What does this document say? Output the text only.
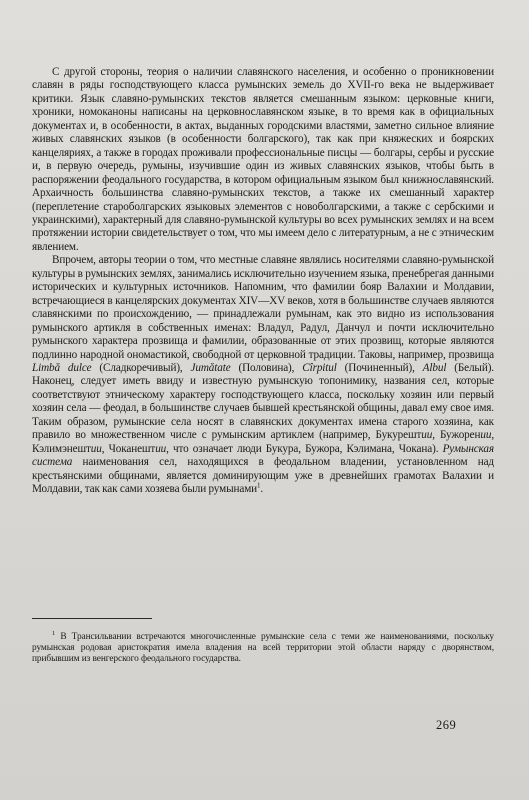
С другой стороны, теория о наличии славянского населения, и особенно о проникновении славян в ряды господствующего класса румынских земель до XVII-го века не выдерживает критики. Язык славяно-румынских текстов является смешанным языком: церковные книги, хроники, номоканоны написаны на церковнославянском языке, в то время как в официальных документах и, в особенности, в актах, выданных городскими властями, заметно сильное влияние живых славянских языков (в особенности болгарского), так как при княжеских и боярских канцеляриях, а также в городах проживали профессиональные писцы — болгары, сербы и русские и, в первую очередь, румыны, изучившие один из живых славянских языков, чтобы быть в распоряжении феодального государства, в котором официальным языком был книжнославянский. Архаичность большинства славяно-румынских текстов, а также их смешанный характер (переплетение староболгарских языковых элементов с новоболгарскими, а также с сербскими и украинскими), характерный для славяно-румынской культуры во всех румынских землях и на всем протяжении истории свидетельствует о том, что мы имеем дело с литературным, а не с этническим явлением.

Впрочем, авторы теории о том, что местные славяне являлись носителями славяно-румынской культуры в румынских землях, занимались исключительно изучением языка, пренебрегая данными исторических и культурных источников. Напомним, что фамилии бояр Валахии и Молдавии, встречающиеся в канцелярских документах XIV—XV веков, хотя в большинстве случаев являются славянскими по происхождению, — принадлежали румынам, как это видно из использования румынского артикля в собственных именах: Владул, Радул, Данчул и почти исключительно румынского характера прозвища и фамилии, образованные от этих прозвищ, которые являются подлинно народной ономастикой, свободной от церковной традиции. Таковы, например, прозвища Limbă dulce (Сладкоречивый), Jumătate (Половина), Cîrpitul (Починенный), Albul (Белый). Наконец, следует иметь ввиду и известную румынскую топонимику, названия сел, которые соответствуют этническому характеру господствующего класса, поскольку хозяин или первый хозяин села — феодал, в большинстве случаев бывшей крестьянской общины, давал ему свое имя. Таким образом, румынские села носят в славянских документах имена старого хозяина, как правило во множественном числе с румынским артиклем (например, Букурештии, Бужорении, Кэлимэнештии, Чоканештии, что означает люди Букура, Бужора, Кэлимана, Чокана). Румынская система наименования сел, находящихся в феодальном владении, установленном над крестьянскими общинами, является доминирующим уже в древнейших грамотах Валахии и Молдавии, так как сами хозяева были румынами$^1$.

$^1$ В Трансильвании встречаются многочисленные румынские села с теми же наименованиями, поскольку румынская родовая аристократия имела владения на всей территории этой области наряду с дворянством, прибывшим из венгерского феодального государства.

269
